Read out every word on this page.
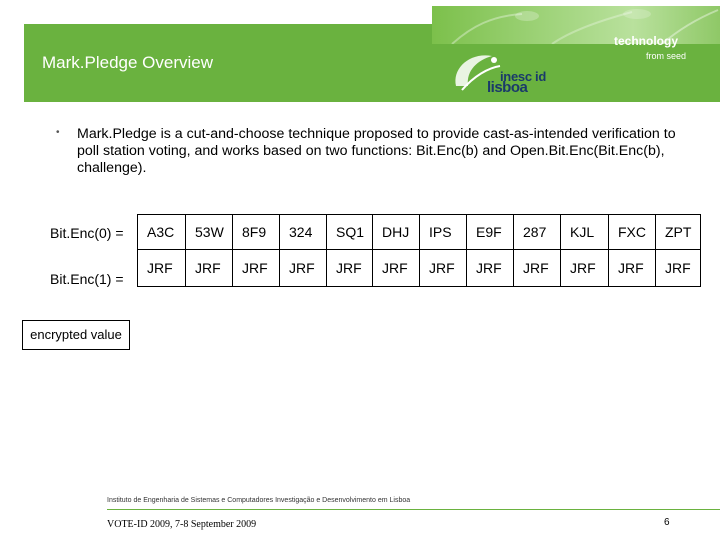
Mark.Pledge Overview
technology
from seed
inesc id
lisboa
• Mark.Pledge is a cut-and-choose technique proposed to provide cast-as-intended verification to poll station voting, and works based on two functions: Bit.Enc(b) and Open.Bit.Enc(Bit.Enc(b), challenge).
Bit.Enc(0) =
Bit.Enc(1) =
A3C	53W	8F9	324	SQ1	DHJ	IPS	E9F	287	KJL	FXC	ZPT
JRF	JRF	JRF	JRF	JRF	JRF	JRF	JRF	JRF	JRF	JRF	JRF
encrypted value
Instituto de Engenharia de Sistemas e Computadores Investigação e Desenvolvimento em Lisboa
VOTE-ID 2009, 7-8 September 2009	6
